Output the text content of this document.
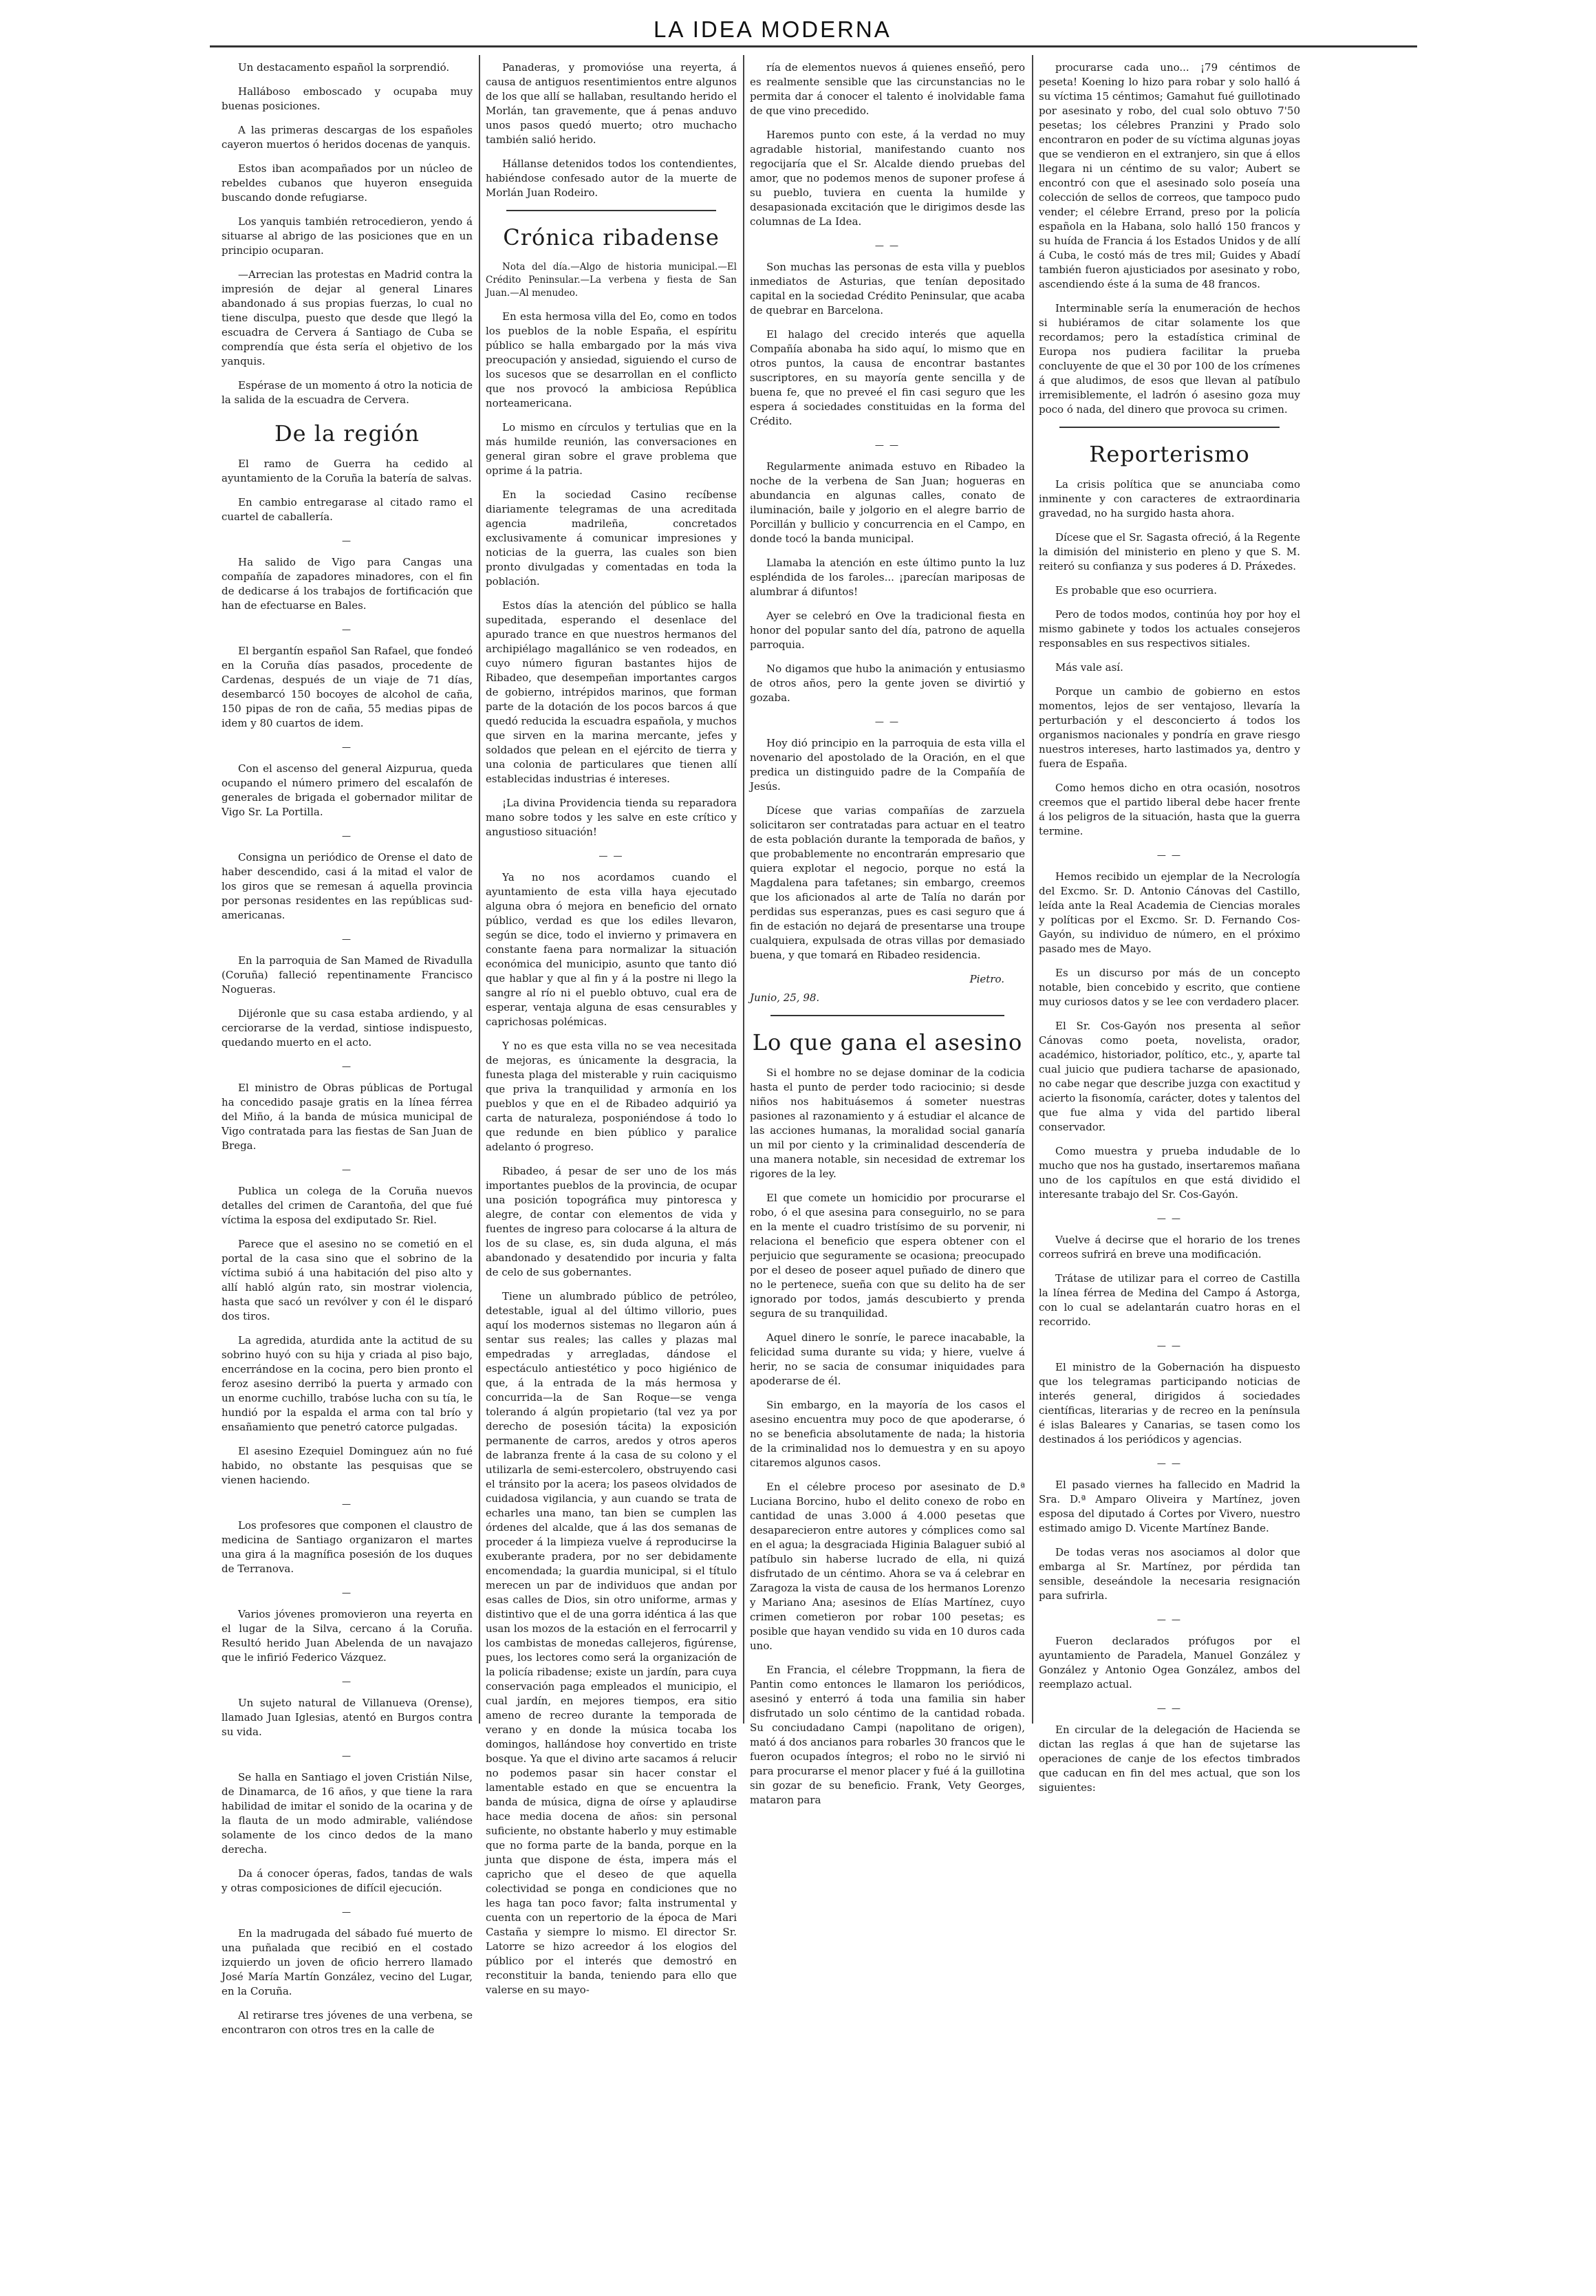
LA IDEA MODERNA

Un destacamento español la sorprendió.

Halláboso emboscado y ocupaba muy buenas posiciones.

A las primeras descargas de los españoles cayeron muertos ó heridos docenas de yanquis.

Estos iban acompañados por un núcleo de rebeldes cubanos que huyeron enseguida buscando donde refugiarse.

Los yanquis también retrocedieron, yendo á situarse al abrigo de las posiciones que en un principio ocuparan.

—Arrecian las protestas en Madrid contra la impresión de dejar al general Linares abandonado á sus propias fuerzas, lo cual no tiene disculpa, puesto que desde que llegó la escuadra de Cervera á Santiago de Cuba se comprendía que ésta sería el objetivo de los yanquis.

Espérase de un momento á otro la noticia de la salida de la escuadra de Cervera.

De la región

El ramo de Guerra ha cedido al ayuntamiento de la Coruña la batería de salvas.

En cambio entregarase al citado ramo el cuartel de caballería.

—

Ha salido de Vigo para Cangas una compañía de zapadores minadores, con el fin de dedicarse á los trabajos de fortificación que han de efectuarse en Bales.

—

El bergantín español San Rafael, que fondeó en la Coruña días pasados, procedente de Cardenas, después de un viaje de 71 días, desembarcó 150 bocoyes de alcohol de caña, 150 pipas de ron de caña, 55 medias pipas de idem y 80 cuartos de idem.

—

Con el ascenso del general Aizpurua, queda ocupando el número primero del escalafón de generales de brigada el gobernador militar de Vigo Sr. La Portilla.

—

Consigna un periódico de Orense el dato de haber descendido, casi á la mitad el valor de los giros que se remesan á aquella provincia por personas residentes en las repúblicas sud-americanas.

—

En la parroquia de San Mamed de Rivadulla (Coruña) falleció repentinamente Francisco Nogueras.

Dijéronle que su casa estaba ardiendo, y al cerciorarse de la verdad, sintiose indispuesto, quedando muerto en el acto.

—

El ministro de Obras públicas de Portugal ha concedido pasaje gratis en la línea férrea del Miño, á la banda de música municipal de Vigo contratada para las fiestas de San Juan de Brega.

—

Publica un colega de la Coruña nuevos detalles del crimen de Carantoña, del que fué víctima la esposa del exdiputado Sr. Riel.

Parece que el asesino no se cometió en el portal de la casa sino que el sobrino de la víctima subió á una habitación del piso alto y allí habló algún rato, sin mostrar violencia, hasta que sacó un revólver y con él le disparó dos tiros.

La agredida, aturdida ante la actitud de su sobrino huyó con su hija y criada al piso bajo, encerrándose en la cocina, pero bien pronto el feroz asesino derribó la puerta y armado con un enorme cuchillo, trabóse lucha con su tía, le hundió por la espalda el arma con tal brío y ensañamiento que penetró catorce pulgadas.

El asesino Ezequiel Dominguez aún no fué habido, no obstante las pesquisas que se vienen haciendo.

—

Los profesores que componen el claustro de medicina de Santiago organizaron el martes una gira á la magnífica posesión de los duques de Terranova.

—

Varios jóvenes promovieron una reyerta en el lugar de la Silva, cercano á la Coruña. Resultó herido Juan Abelenda de un navajazo que le infirió Federico Vázquez.

—

Un sujeto natural de Villanueva (Orense), llamado Juan Iglesias, atentó en Burgos contra su vida.

—

Se halla en Santiago el joven Cristián Nilse, de Dinamarca, de 16 años, y que tiene la rara habilidad de imitar el sonido de la ocarina y de la flauta de un modo admirable, valiéndose solamente de los cinco dedos de la mano derecha.

Da á conocer óperas, fados, tandas de wals y otras composiciones de difícil ejecución.

—

En la madrugada del sábado fué muerto de una puñalada que recibió en el costado izquierdo un joven de oficio herrero llamado José María Martín González, vecino del Lugar, en la Coruña.

Al retirarse tres jóvenes de una verbena, se encontraron con otros tres en la calle de

Panaderas, y promovióse una reyerta, á causa de antiguos resentimientos entre algunos de los que allí se hallaban, resultando herido el Morlán, tan gravemente, que á penas anduvo unos pasos quedó muerto; otro muchacho también salió herido.

Hállanse detenidos todos los contendientes, habiéndose confesado autor de la muerte de Morlán Juan Rodeiro.

Crónica ribadense

Nota del día.—Algo de historia municipal.—El Crédito Peninsular.—La verbena y fiesta de San Juan.—Al menudeo.

En esta hermosa villa del Eo, como en todos los pueblos de la noble España, el espíritu público se halla embargado por la más viva preocupación y ansiedad, siguiendo el curso de los sucesos que se desarrollan en el conflicto que nos provocó la ambiciosa República norteamericana.

Lo mismo en círculos y tertulias que en la más humilde reunión, las conversaciones en general giran sobre el grave problema que oprime á la patria.

En la sociedad Casino recíbense diariamente telegramas de una acreditada agencia madrileña, concretados exclusivamente á comunicar impresiones y noticias de la guerra, las cuales son bien pronto divulgadas y comentadas en toda la población.

Estos días la atención del público se halla supeditada, esperando el desenlace del apurado trance en que nuestros hermanos del archipiélago magallánico se ven rodeados, en cuyo número figuran bastantes hijos de Ribadeo, que desempeñan importantes cargos de gobierno, intrépidos marinos, que forman parte de la dotación de los pocos barcos á que quedó reducida la escuadra española, y muchos que sirven en la marina mercante, jefes y soldados que pelean en el ejército de tierra y una colonia de particulares que tienen allí establecidas industrias é intereses.

¡La divina Providencia tienda su reparadora mano sobre todos y les salve en este crítico y angustioso situación!

— —

Ya no nos acordamos cuando el ayuntamiento de esta villa haya ejecutado alguna obra ó mejora en beneficio del ornato público, verdad es que los ediles llevaron, según se dice, todo el invierno y primavera en constante faena para normalizar la situación económica del municipio, asunto que tanto dió que hablar y que al fin y á la postre ni llego la sangre al río ni el pueblo obtuvo, cual era de esperar, ventaja alguna de esas censurables y caprichosas polémicas.

Y no es que esta villa no se vea necesitada de mejoras, es únicamente la desgracia, la funesta plaga del misterable y ruin caciquismo que priva la tranquilidad y armonía en los pueblos y que en el de Ribadeo adquirió ya carta de naturaleza, posponiéndose á todo lo que redunde en bien público y paralice adelanto ó progreso.

Ribadeo, á pesar de ser uno de los más importantes pueblos de la provincia, de ocupar una posición topográfica muy pintoresca y alegre, de contar con elementos de vida y fuentes de ingreso para colocarse á la altura de los de su clase, es, sin duda alguna, el más abandonado y desatendido por incuria y falta de celo de sus gobernantes.

Tiene un alumbrado público de petróleo, detestable, igual al del último villorio, pues aquí los modernos sistemas no llegaron aún á sentar sus reales; las calles y plazas mal empedradas y arregladas, dándose el espectáculo antiestético y poco higiénico de que, á la entrada de la más hermosa y concurrida—la de San Roque—se venga tolerando á algún propietario (tal vez ya por derecho de posesión tácita) la exposición permanente de carros, aredos y otros aperos de labranza frente á la casa de su colono y el utilizarla de semi-estercolero, obstruyendo casi el tránsito por la acera; los paseos olvidados de cuidadosa vigilancia, y aun cuando se trata de echarles una mano, tan bien se cumplen las órdenes del alcalde, que á las dos semanas de proceder á la limpieza vuelve á reproducirse la exuberante pradera, por no ser debidamente encomendada; la guardia municipal, si el título merecen un par de individuos que andan por esas calles de Dios, sin otro uniforme, armas y distintivo que el de una gorra idéntica á las que usan los mozos de la estación en el ferrocarril y los cambistas de monedas callejeros, figúrense, pues, los lectores como será la organización de la policía ribadense; existe un jardín, para cuya conservación paga empleados el municipio, el cual jardín, en mejores tiempos, era sitio ameno de recreo durante la temporada de verano y en donde la música tocaba los domingos, hallándose hoy convertido en triste bosque. Ya que el divino arte sacamos á relucir no podemos pasar sin hacer constar el lamentable estado en que se encuentra la banda de música, digna de oírse y aplaudirse hace media docena de años: sin personal suficiente, no obstante haberlo y muy estimable que no forma parte de la banda, porque en la junta que dispone de ésta, impera más el capricho que el deseo de que aquella colectividad se ponga en condiciones que no les haga tan poco favor; falta instrumental y cuenta con un repertorio de la época de Mari Castaña y siempre lo mismo. El director Sr. Latorre se hizo acreedor á los elogios del público por el interés que demostró en reconstituir la banda, teniendo para ello que valerse en su mayo-

ría de elementos nuevos á quienes enseñó, pero es realmente sensible que las circunstancias no le permita dar á conocer el talento é inolvidable fama de que vino precedido.

Haremos punto con este, á la verdad no muy agradable historial, manifestando cuanto nos regocijaría que el Sr. Alcalde diendo pruebas del amor, que no podemos menos de suponer profese á su pueblo, tuviera en cuenta la humilde y desapasionada excitación que le dirigimos desde las columnas de La Idea.

— —

Son muchas las personas de esta villa y pueblos inmediatos de Asturias, que tenían depositado capital en la sociedad Crédito Peninsular, que acaba de quebrar en Barcelona.

El halago del crecido interés que aquella Compañía abonaba ha sido aquí, lo mismo que en otros puntos, la causa de encontrar bastantes suscriptores, en su mayoría gente sencilla y de buena fe, que no preveé el fin casi seguro que les espera á sociedades constituidas en la forma del Crédito.

— —

Regularmente animada estuvo en Ribadeo la noche de la verbena de San Juan; hogueras en abundancia en algunas calles, conato de iluminación, baile y jolgorio en el alegre barrio de Porcillán y bullicio y concurrencia en el Campo, en donde tocó la banda municipal.

Llamaba la atención en este último punto la luz espléndida de los faroles... ¡parecían mariposas de alumbrar á difuntos!

Ayer se celebró en Ove la tradicional fiesta en honor del popular santo del día, patrono de aquella parroquia.

No digamos que hubo la animación y entusiasmo de otros años, pero la gente joven se divirtió y gozaba.

— —

Hoy dió principio en la parroquia de esta villa el novenario del apostolado de la Oración, en el que predica un distinguido padre de la Compañía de Jesús.

Dícese que varias compañías de zarzuela solicitaron ser contratadas para actuar en el teatro de esta población durante la temporada de baños, y que probablemente no encontrarán empresario que quiera explotar el negocio, porque no está la Magdalena para tafetanes; sin embargo, creemos que los aficionados al arte de Talía no darán por perdidas sus esperanzas, pues es casi seguro que á fin de estación no dejará de presentarse una troupe cualquiera, expulsada de otras villas por demasiado buena, y que tomará en Ribadeo residencia.

Pietro.
Junio, 25, 98.
Lo que gana el asesino

Si el hombre no se dejase dominar de la codicia hasta el punto de perder todo raciocinio; si desde niños nos habituásemos á someter nuestras pasiones al razonamiento y á estudiar el alcance de las acciones humanas, la moralidad social ganaría un mil por ciento y la criminalidad descendería de una manera notable, sin necesidad de extremar los rigores de la ley.

El que comete un homicidio por procurarse el robo, ó el que asesina para conseguirlo, no se para en la mente el cuadro tristísimo de su porvenir, ni relaciona el beneficio que espera obtener con el perjuicio que seguramente se ocasiona; preocupado por el deseo de poseer aquel puñado de dinero que no le pertenece, sueña con que su delito ha de ser ignorado por todos, jamás descubierto y prenda segura de su tranquilidad.

Aquel dinero le sonríe, le parece inacabable, la felicidad suma durante su vida; y hiere, vuelve á herir, no se sacia de consumar iniquidades para apoderarse de él.

Sin embargo, en la mayoría de los casos el asesino encuentra muy poco de que apoderarse, ó no se beneficia absolutamente de nada; la historia de la criminalidad nos lo demuestra y en su apoyo citaremos algunos casos.

En el célebre proceso por asesinato de D.ª Luciana Borcino, hubo el delito conexo de robo en cantidad de unas 3.000 á 4.000 pesetas que desaparecieron entre autores y cómplices como sal en el agua; la desgraciada Higinia Balaguer subió al patíbulo sin haberse lucrado de ella, ni quizá disfrutado de un céntimo. Ahora se va á celebrar en Zaragoza la vista de causa de los hermanos Lorenzo y Mariano Ana; asesinos de Elías Martínez, cuyo crimen cometieron por robar 100 pesetas; es posible que hayan vendido su vida en 10 duros cada uno.

En Francia, el célebre Troppmann, la fiera de Pantin como entonces le llamaron los periódicos, asesinó y enterró á toda una familia sin haber disfrutado un solo céntimo de la cantidad robada. Su conciudadano Campi (napolitano de origen), mató á dos ancianos para robarles 30 francos que le fueron ocupados íntegros; el robo no le sirvió ni para procurarse el menor placer y fué á la guillotina sin gozar de su beneficio. Frank, Vety Georges, mataron para

procurarse cada uno... ¡79 céntimos de peseta! Koening lo hizo para robar y solo halló á su víctima 15 céntimos; Gamahut fué guillotinado por asesinato y robo, del cual solo obtuvo 7'50 pesetas; los célebres Pranzini y Prado solo encontraron en poder de su víctima algunas joyas que se vendieron en el extranjero, sin que á ellos llegara ni un céntimo de su valor; Aubert se encontró con que el asesinado solo poseía una colección de sellos de correos, que tampoco pudo vender; el célebre Errand, preso por la policía española en la Habana, solo halló 150 francos y su huída de Francia á los Estados Unidos y de allí á Cuba, le costó más de tres mil; Guides y Abadí también fueron ajusticiados por asesinato y robo, ascendiendo éste á la suma de 48 francos.

Interminable sería la enumeración de hechos si hubiéramos de citar solamente los que recordamos; pero la estadística criminal de Europa nos pudiera facilitar la prueba concluyente de que el 30 por 100 de los crímenes á que aludimos, de esos que llevan al patíbulo irremisiblemente, el ladrón ó asesino goza muy poco ó nada, del dinero que provoca su crimen.

Reporterismo

La crisis política que se anunciaba como inminente y con caracteres de extraordinaria gravedad, no ha surgido hasta ahora.

Dícese que el Sr. Sagasta ofreció, á la Regente la dimisión del ministerio en pleno y que S. M. reiteró su confianza y sus poderes á D. Práxedes.

Es probable que eso ocurriera.

Pero de todos modos, continúa hoy por hoy el mismo gabinete y todos los actuales consejeros responsables en sus respectivos sitiales.

Más vale así.

Porque un cambio de gobierno en estos momentos, lejos de ser ventajoso, llevaría la perturbación y el desconcierto á todos los organismos nacionales y pondría en grave riesgo nuestros intereses, harto lastimados ya, dentro y fuera de España.

Como hemos dicho en otra ocasión, nosotros creemos que el partido liberal debe hacer frente á los peligros de la situación, hasta que la guerra termine.

— —

Hemos recibido un ejemplar de la Necrología del Excmo. Sr. D. Antonio Cánovas del Castillo, leída ante la Real Academia de Ciencias morales y políticas por el Excmo. Sr. D. Fernando Cos-Gayón, su individuo de número, en el próximo pasado mes de Mayo.

Es un discurso por más de un concepto notable, bien concebido y escrito, que contiene muy curiosos datos y se lee con verdadero placer.

El Sr. Cos-Gayón nos presenta al señor Cánovas como poeta, novelista, orador, académico, historiador, político, etc., y, aparte tal cual juicio que pudiera tacharse de apasionado, no cabe negar que describe juzga con exactitud y acierto la fisonomía, carácter, dotes y talentos del que fue alma y vida del partido liberal conservador.

Como muestra y prueba indudable de lo mucho que nos ha gustado, insertaremos mañana uno de los capítulos en que está dividido el interesante trabajo del Sr. Cos-Gayón.

— —

Vuelve á decirse que el horario de los trenes correos sufrirá en breve una modificación.

Trátase de utilizar para el correo de Castilla la línea férrea de Medina del Campo á Astorga, con lo cual se adelantarán cuatro horas en el recorrido.

— —

El ministro de la Gobernación ha dispuesto que los telegramas participando noticias de interés general, dirigidos á sociedades científicas, literarias y de recreo en la península é islas Baleares y Canarias, se tasen como los destinados á los periódicos y agencias.

— —

El pasado viernes ha fallecido en Madrid la Sra. D.ª Amparo Oliveira y Martínez, joven esposa del diputado á Cortes por Vivero, nuestro estimado amigo D. Vicente Martínez Bande.

De todas veras nos asociamos al dolor que embarga al Sr. Martínez, por pérdida tan sensible, deseándole la necesaria resignación para sufrirla.

— —

Fueron declarados prófugos por el ayuntamiento de Paradela, Manuel González y González y Antonio Ogea González, ambos del reemplazo actual.

— —

En circular de la delegación de Hacienda se dictan las reglas á que han de sujetarse las operaciones de canje de los efectos timbrados que caducan en fin del mes actual, que son los siguientes:
